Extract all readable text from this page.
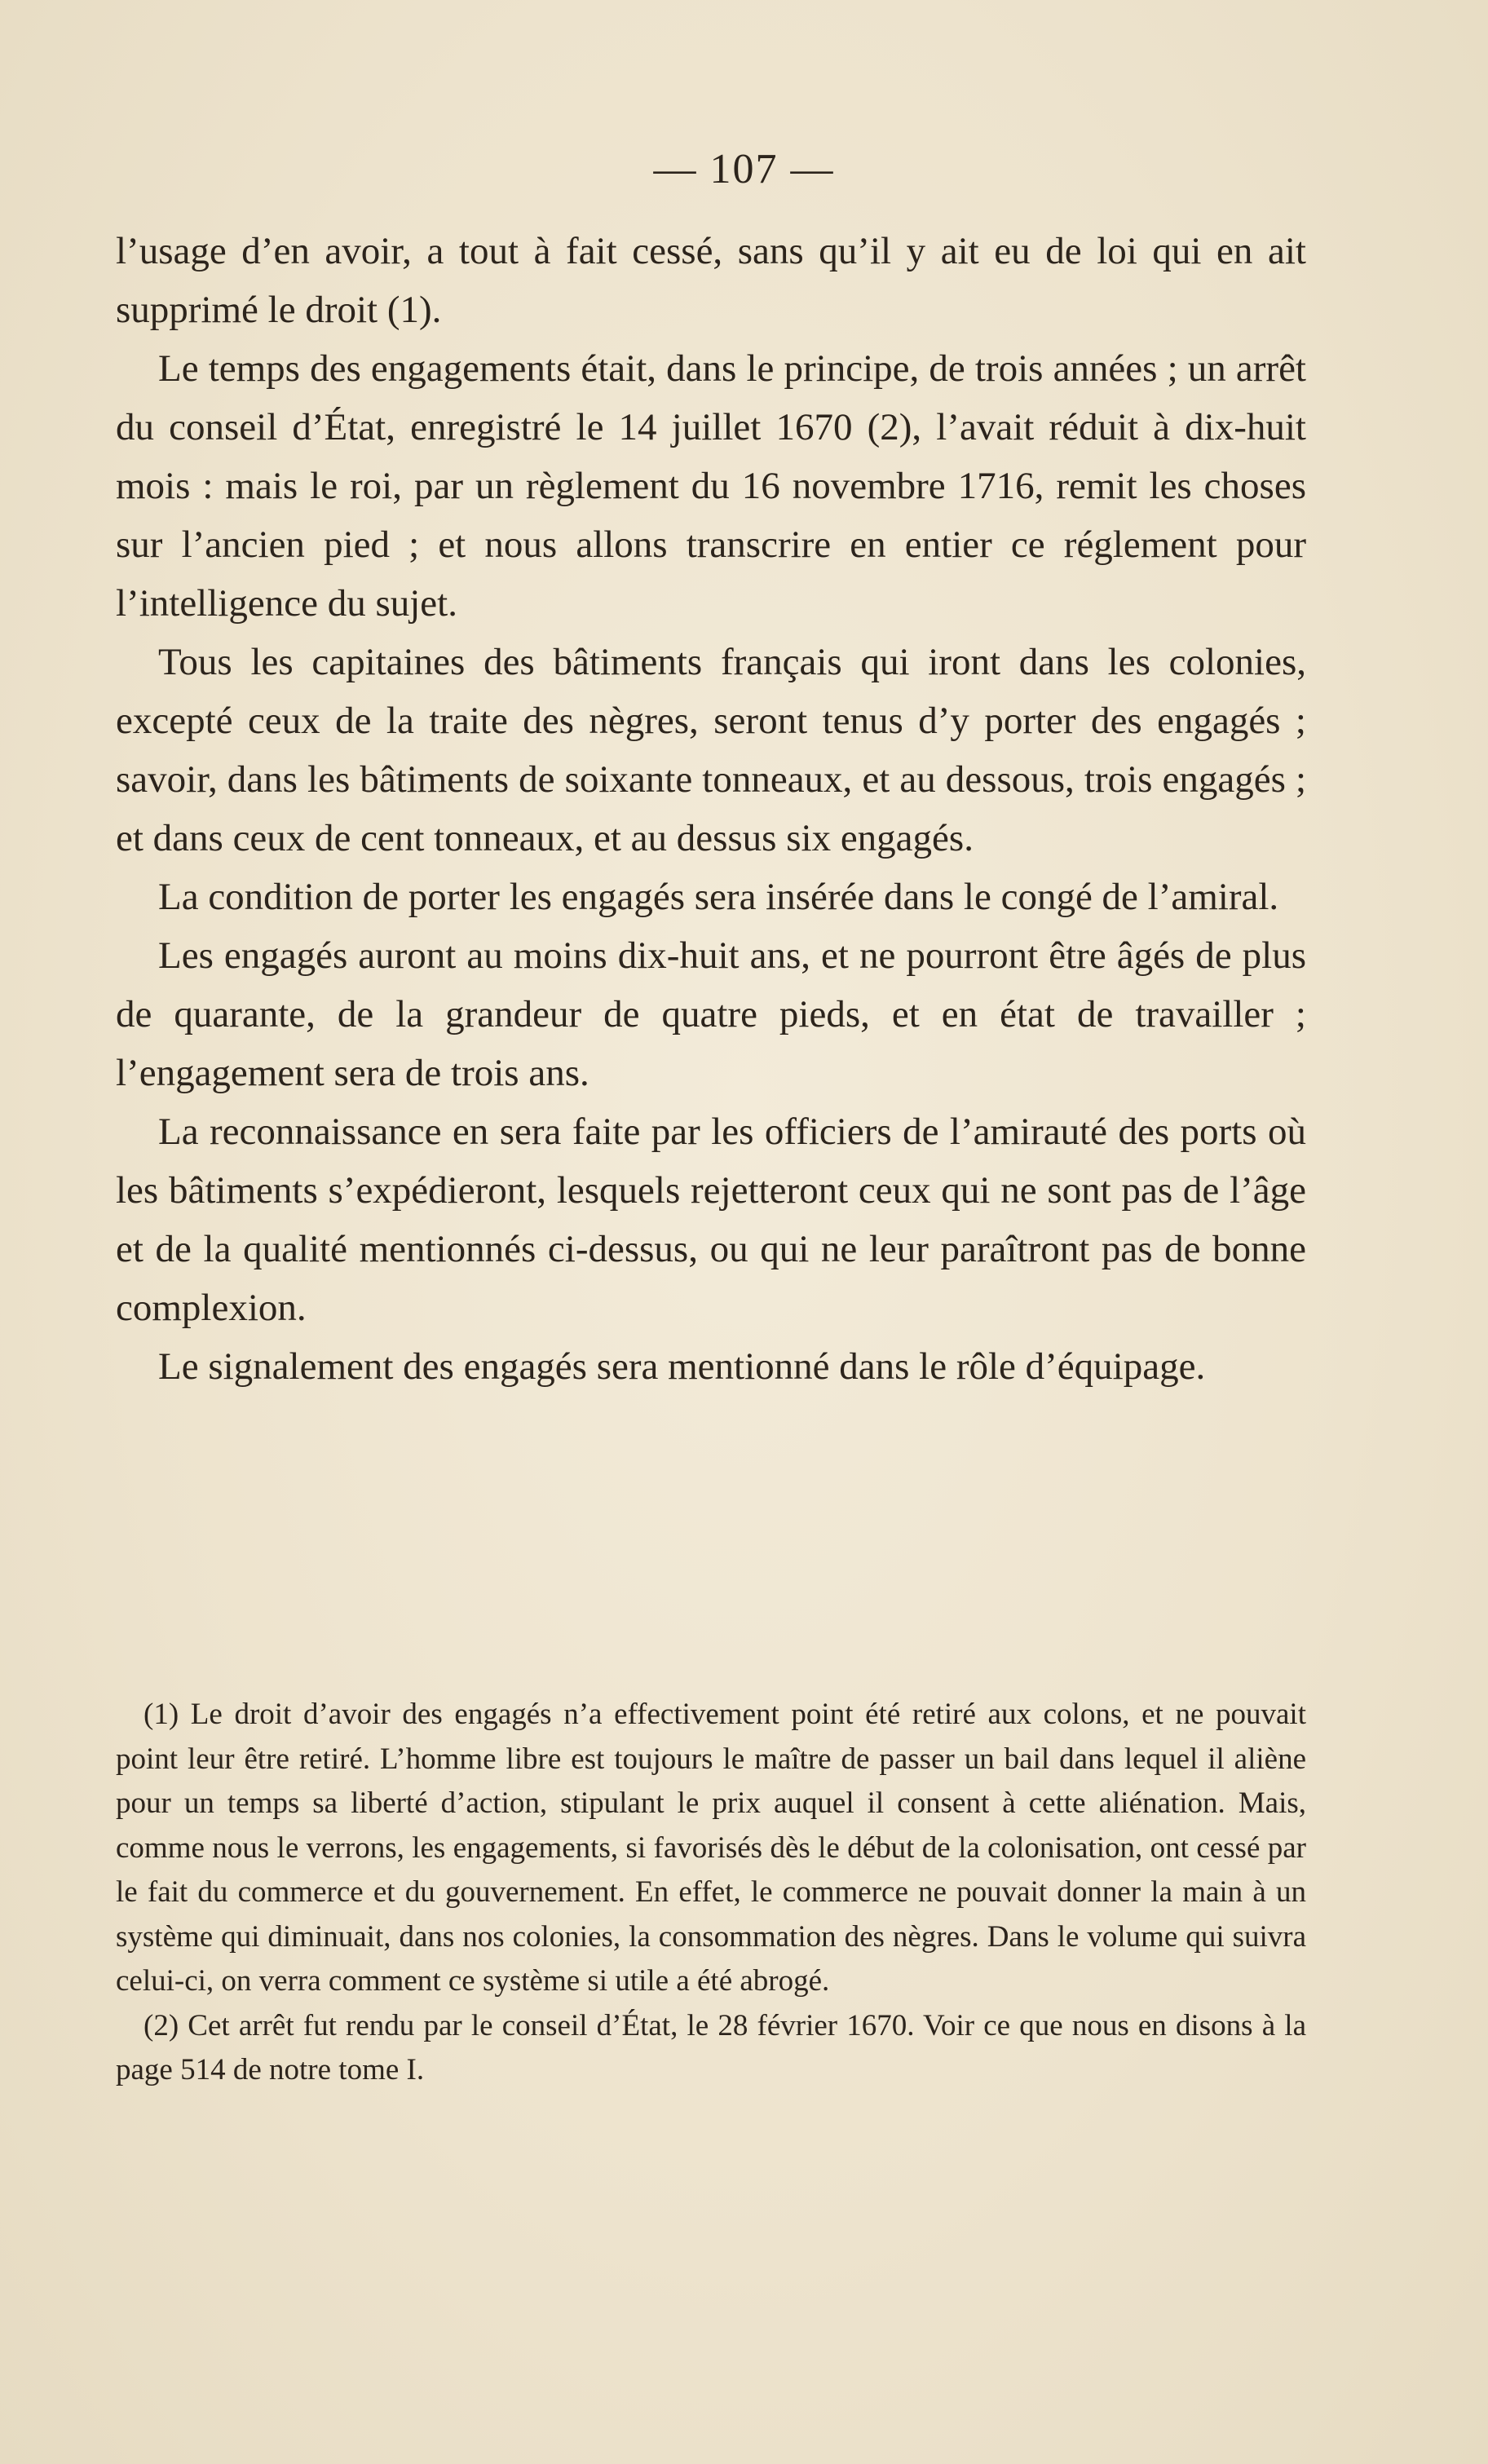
— 107 —

l’usage d’en avoir, a tout à fait cessé, sans qu’il y ait eu de loi qui en ait supprimé le droit (1).

Le temps des engagements était, dans le principe, de trois années ; un arrêt du conseil d’État, enregistré le 14 juillet 1670 (2), l’avait réduit à dix-huit mois : mais le roi, par un règlement du 16 novembre 1716, remit les choses sur l’ancien pied ; et nous allons transcrire en entier ce réglement pour l’intelligence du sujet.

Tous les capitaines des bâtiments français qui iront dans les colonies, excepté ceux de la traite des nègres, seront tenus d’y porter des engagés ; savoir, dans les bâtiments de soixante tonneaux, et au dessous, trois engagés ; et dans ceux de cent tonneaux, et au dessus six engagés.

La condition de porter les engagés sera insérée dans le congé de l’amiral.

Les engagés auront au moins dix-huit ans, et ne pourront être âgés de plus de quarante, de la grandeur de quatre pieds, et en état de travailler ; l’engagement sera de trois ans.

La reconnaissance en sera faite par les officiers de l’amirauté des ports où les bâtiments s’expédieront, lesquels rejetteront ceux qui ne sont pas de l’âge et de la qualité mentionnés ci-dessus, ou qui ne leur paraîtront pas de bonne complexion.

Le signalement des engagés sera mentionné dans le rôle d’équipage.

(1) Le droit d’avoir des engagés n’a effectivement point été retiré aux colons, et ne pouvait point leur être retiré. L’homme libre est toujours le maître de passer un bail dans lequel il aliène pour un temps sa liberté d’action, stipulant le prix auquel il consent à cette aliénation. Mais, comme nous le verrons, les engagements, si favorisés dès le début de la colonisation, ont cessé par le fait du commerce et du gouvernement. En effet, le commerce ne pouvait donner la main à un système qui diminuait, dans nos colonies, la consommation des nègres. Dans le volume qui suivra celui-ci, on verra comment ce système si utile a été abrogé.

(2) Cet arrêt fut rendu par le conseil d’État, le 28 février 1670. Voir ce que nous en disons à la page 514 de notre tome I.
